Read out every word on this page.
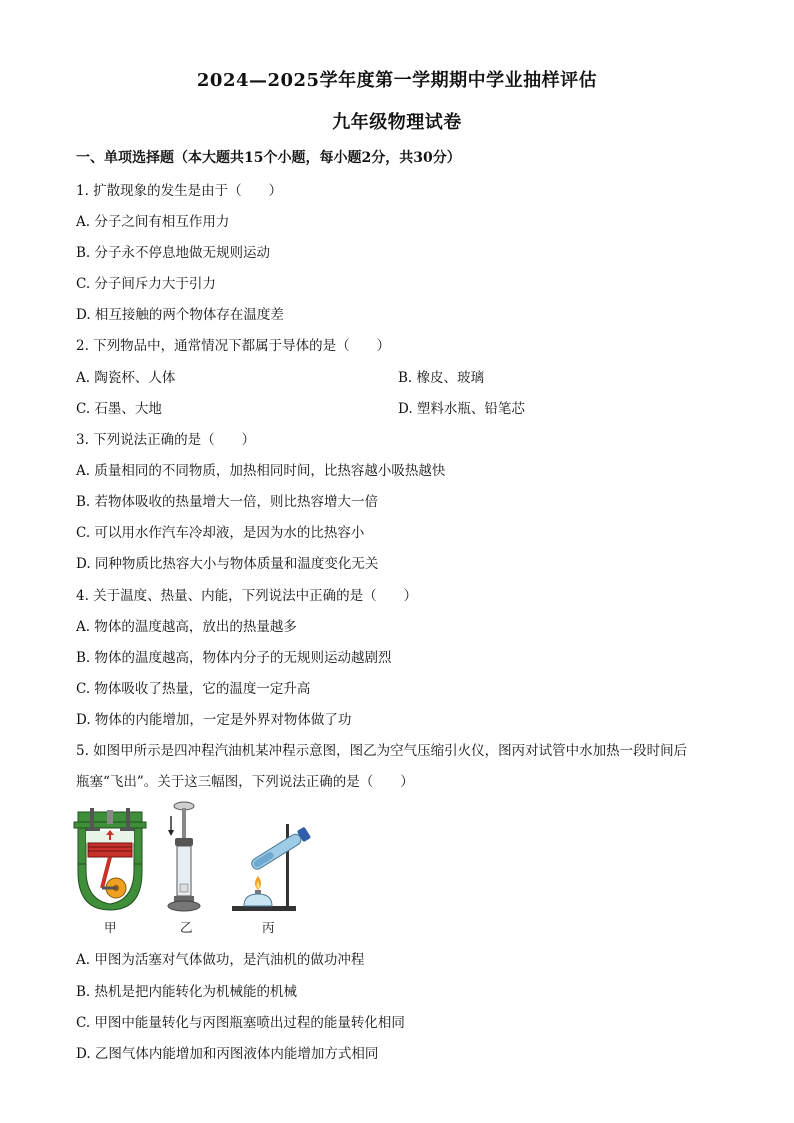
2024—2025学年度第一学期期中学业抽样评估
九年级物理试卷
一、单项选择题（本大题共15个小题，每小题2分，共30分）
1. 扩散现象的发生是由于（　　）
A. 分子之间有相互作用力
B. 分子永不停息地做无规则运动
C. 分子间斥力大于引力
D. 相互接触的两个物体存在温度差
2. 下列物品中，通常情况下都属于导体的是（　　）
A. 陶瓷杯、人体	B. 橡皮、玻璃
C. 石墨、大地	D. 塑料水瓶、铅笔芯
3. 下列说法正确的是（　　）
A. 质量相同的不同物质，加热相同时间，比热容越小吸热越快
B. 若物体吸收的热量增大一倍，则比热容增大一倍
C. 可以用水作汽车冷却液，是因为水的比热容小
D. 同种物质比热容大小与物体质量和温度变化无关
4. 关于温度、热量、内能，下列说法中正确的是（　　）
A. 物体的温度越高，放出的热量越多
B. 物体的温度越高，物体内分子的无规则运动越剧烈
C. 物体吸收了热量，它的温度一定升高
D. 物体的内能增加，一定是外界对物体做了功
5. 如图甲所示是四冲程汽油机某冲程示意图，图乙为空气压缩引火仪，图丙对试管中水加热一段时间后
瓶塞“飞出”。关于这三幅图，下列说法正确的是（　　）
甲	乙	丙
A. 甲图为活塞对气体做功，是汽油机的做功冲程
B. 热机是把内能转化为机械能的机械
C. 甲图中能量转化与丙图瓶塞喷出过程的能量转化相同
D. 乙图气体内能增加和丙图液体内能增加方式相同
